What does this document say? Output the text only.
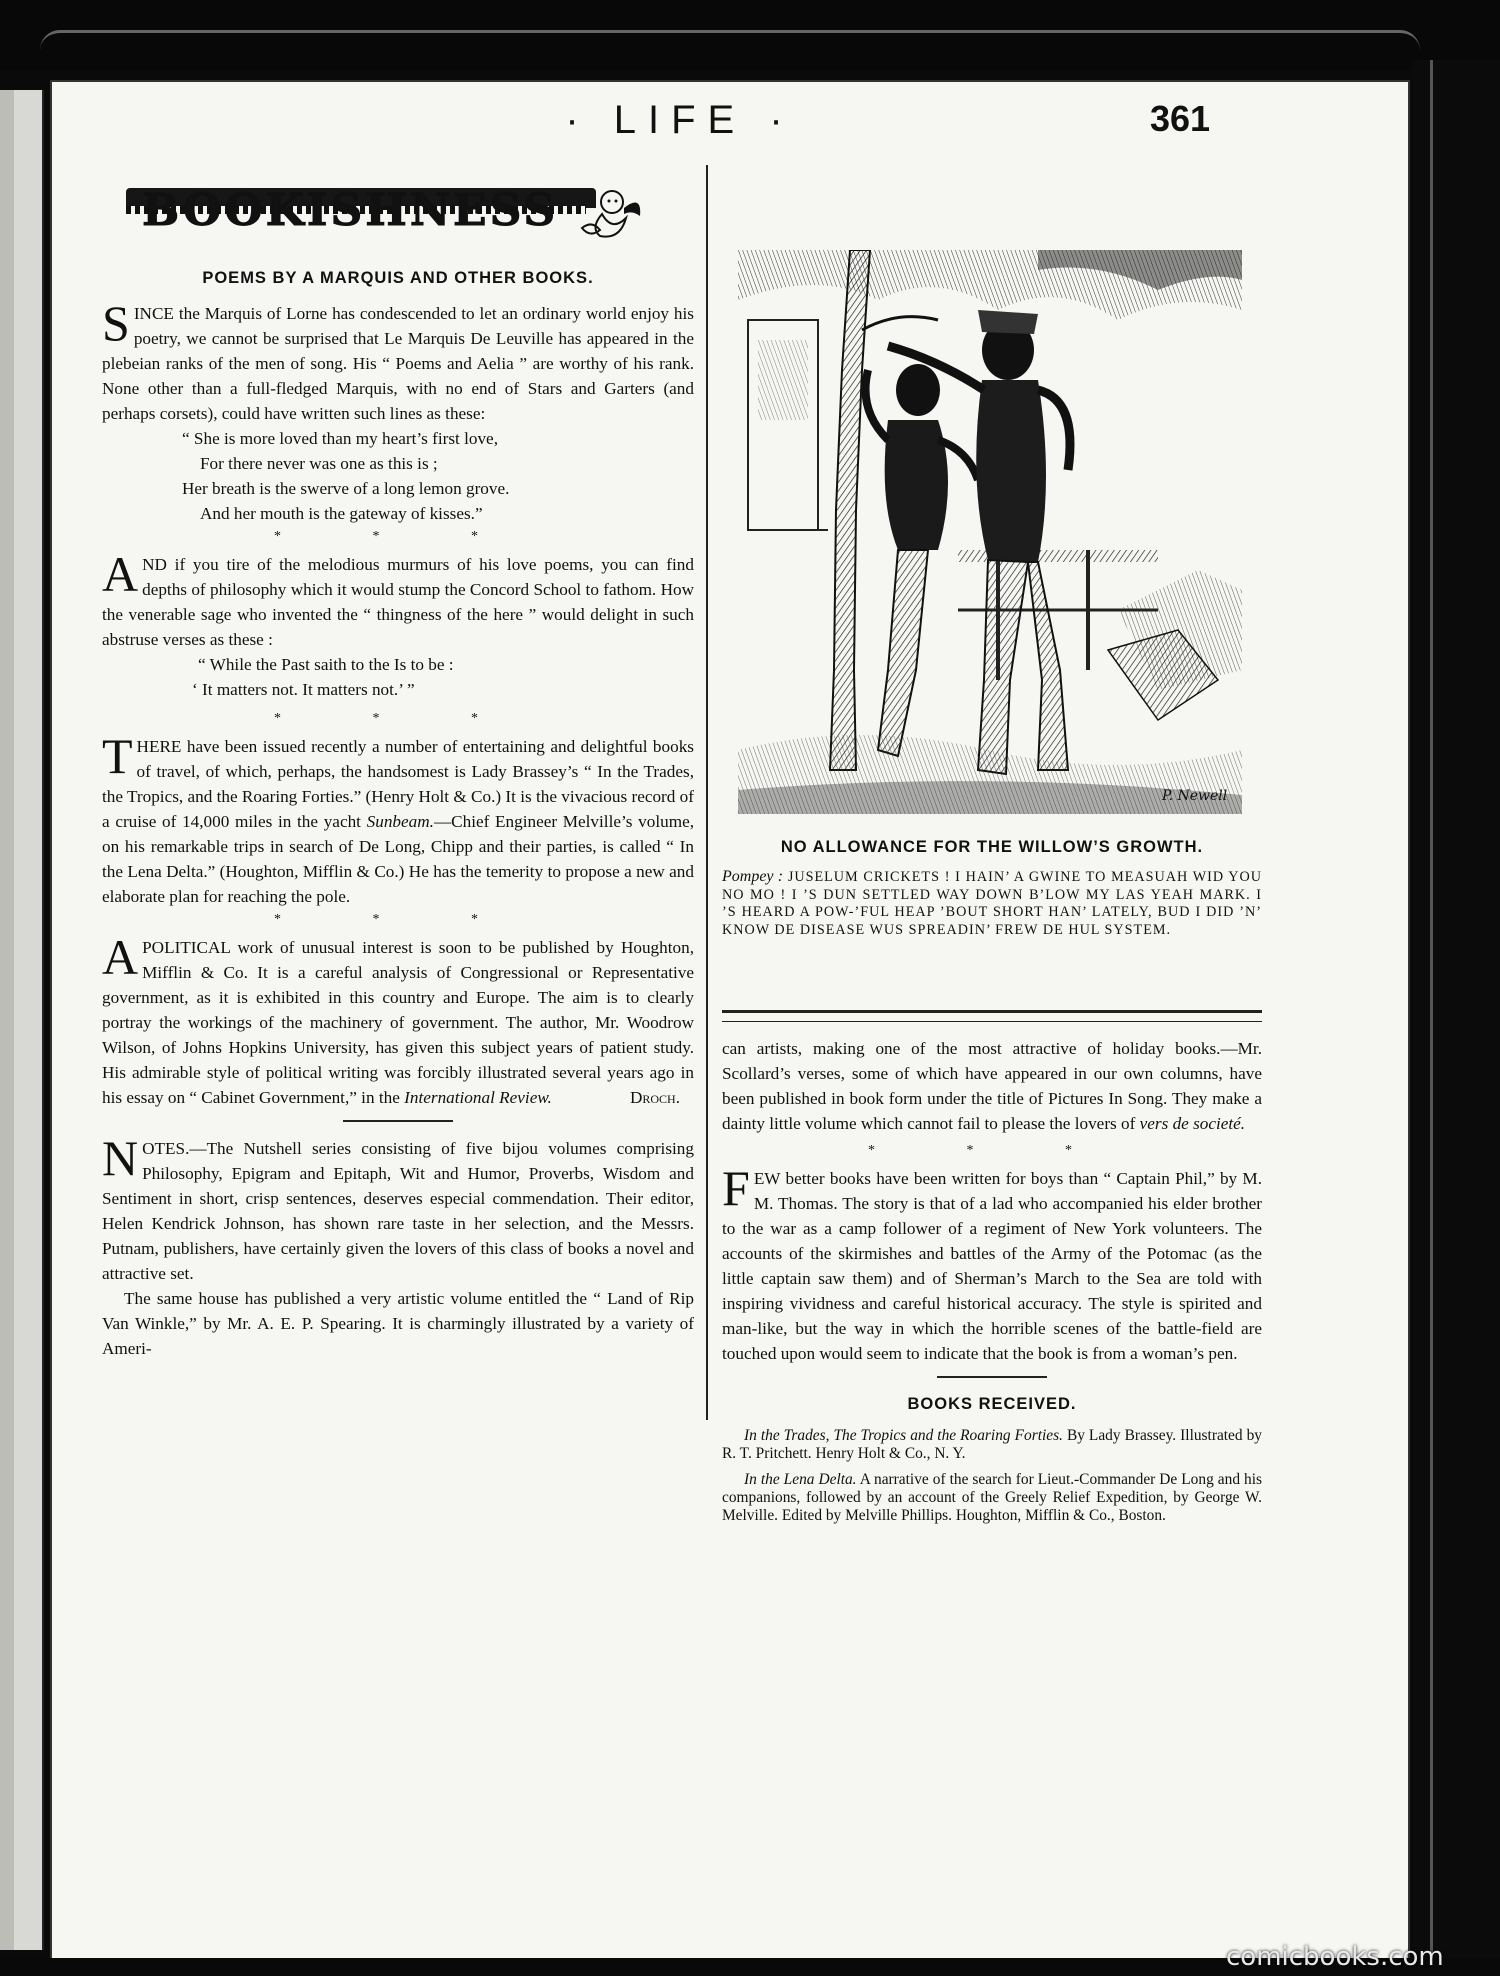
· LIFE ·	361
BOOKISHNESS
POEMS BY A MARQUIS AND OTHER BOOKS.

SINCE the Marquis of Lorne has condescended to let an ordinary world enjoy his poetry, we cannot be surprised that Le Marquis De Leuville has appeared in the plebeian ranks of the men of song. His “ Poems and Aelia ” are worthy of his rank. None other than a full-fledged Marquis, with no end of Stars and Garters (and perhaps corsets), could have written such lines as these:

“ She is more loved than my heart’s first love,
For there never was one as this is ;
Her breath is the swerve of a long lemon grove.
And her mouth is the gateway of kisses.”
* * *

AND if you tire of the melodious murmurs of his love poems, you can find depths of philosophy which it would stump the Concord School to fathom. How the venerable sage who invented the “ thingness of the here ” would delight in such abstruse verses as these :

“ While the Past saith to the Is to be :
‘ It matters not. It matters not.’ ”
* * *

THERE have been issued recently a number of entertaining and delightful books of travel, of which, perhaps, the handsomest is Lady Brassey’s “ In the Trades, the Tropics, and the Roaring Forties.” (Henry Holt & Co.) It is the vivacious record of a cruise of 14,000 miles in the yacht Sunbeam.—Chief Engineer Melville’s volume, on his remarkable trips in search of De Long, Chipp and their parties, is called “ In the Lena Delta.” (Houghton, Mifflin & Co.) He has the temerity to propose a new and elaborate plan for reaching the pole.

* * *

APOLITICAL work of unusual interest is soon to be published by Houghton, Mifflin & Co. It is a careful analysis of Congressional or Representative government, as it is exhibited in this country and Europe. The aim is to clearly portray the workings of the machinery of government. The author, Mr. Woodrow Wilson, of Johns Hopkins University, has given this subject years of patient study. His admirable style of political writing was forcibly illustrated several years ago in his essay on “ Cabinet Government,” in the International Review.	Droch.

NOTES.—The Nutshell series consisting of five bijou volumes comprising Philosophy, Epigram and Epitaph, Wit and Humor, Proverbs, Wisdom and Sentiment in short, crisp sentences, deserves especial commendation. Their editor, Helen Kendrick Johnson, has shown rare taste in her selection, and the Messrs. Putnam, publishers, have certainly given the lovers of this class of books a novel and attractive set.

The same house has published a very artistic volume entitled the “ Land of Rip Van Winkle,” by Mr. A. E. P. Spearing. It is charmingly illustrated by a variety of Ameri-

P. Newell
NO ALLOWANCE FOR THE WILLOW’S GROWTH.
Pompey : JUSELUM CRICKETS ! I HAIN’ A GWINE TO MEASUAH WID YOU NO MO ! I ’S DUN SETTLED WAY DOWN B’LOW MY LAS YEAH MARK. I ’S HEARD A POW-’FUL HEAP ’BOUT SHORT HAN’ LATELY, BUD I DID ’N’ KNOW DE DISEASE WUS SPREADIN’ FREW DE HUL SYSTEM.

can artists, making one of the most attractive of holiday books.—Mr. Scollard’s verses, some of which have appeared in our own columns, have been published in book form under the title of Pictures In Song. They make a dainty little volume which cannot fail to please the lovers of vers de societé.

* * *

FEW better books have been written for boys than “ Captain Phil,” by M. M. Thomas. The story is that of a lad who accompanied his elder brother to the war as a camp follower of a regiment of New York volunteers. The accounts of the skirmishes and battles of the Army of the Potomac (as the little captain saw them) and of Sherman’s March to the Sea are told with inspiring vividness and careful historical accuracy. The style is spirited and man-like, but the way in which the horrible scenes of the battle-field are touched upon would seem to indicate that the book is from a woman’s pen.

BOOKS RECEIVED.

In the Trades, The Tropics and the Roaring Forties. By Lady Brassey. Illustrated by R. T. Pritchett. Henry Holt & Co., N. Y.

In the Lena Delta. A narrative of the search for Lieut.-Commander De Long and his companions, followed by an account of the Greely Relief Expedition, by George W. Melville. Edited by Melville Phillips. Houghton, Mifflin & Co., Boston.

comicbooks.com
